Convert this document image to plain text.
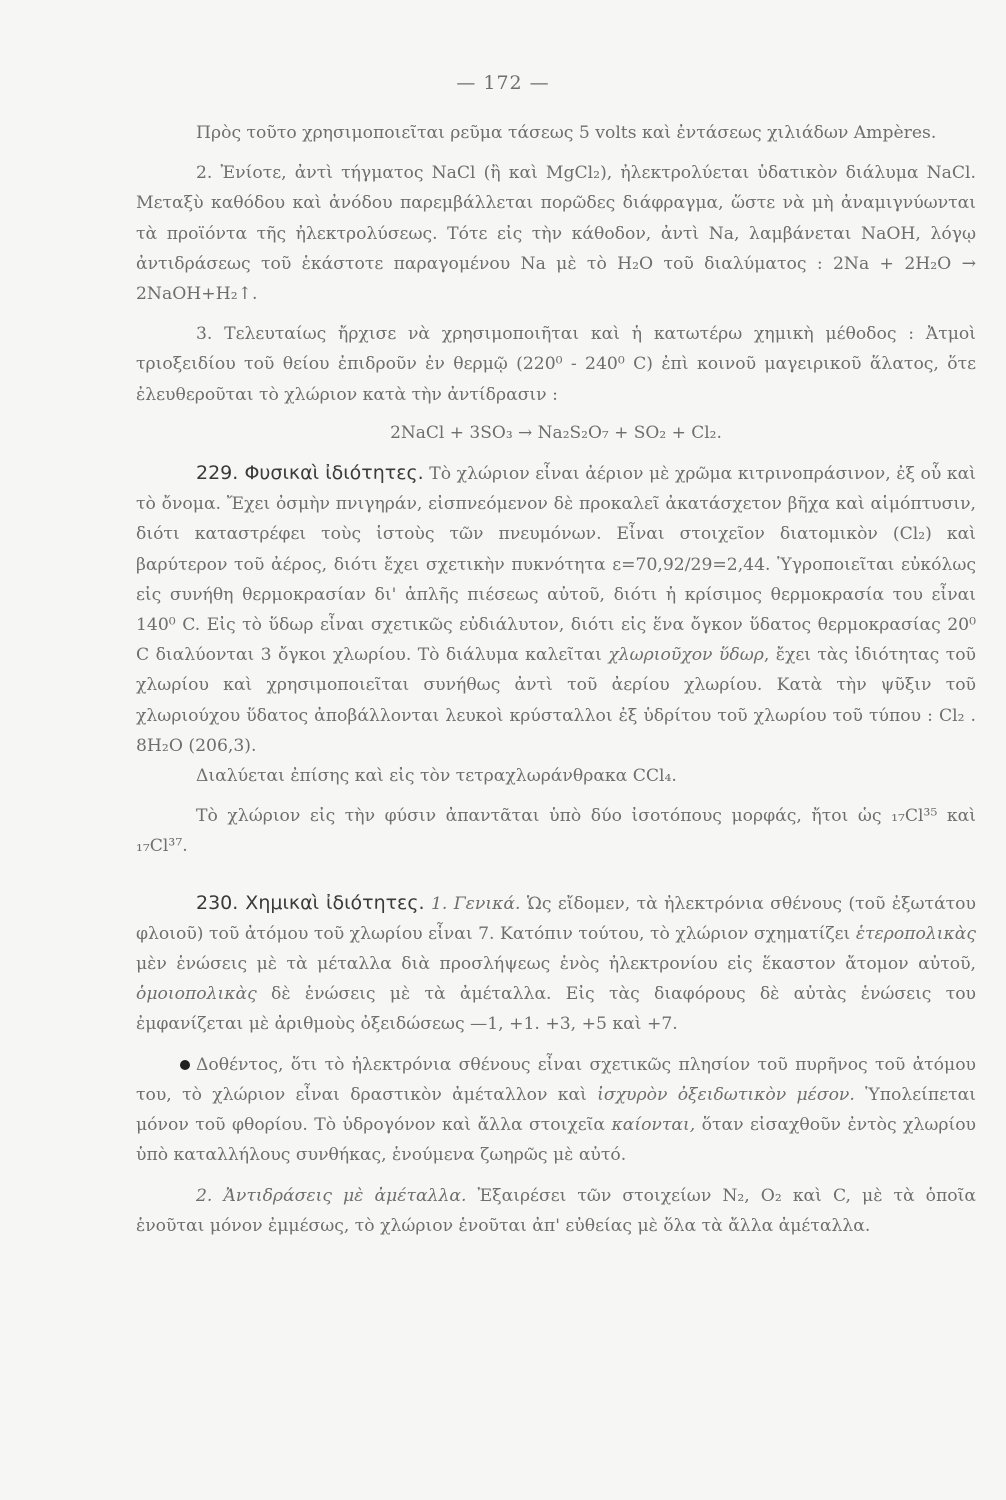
— 172 —

Πρὸς τοῦτο χρησιμοποιεῖται ρεῦμα τάσεως 5 volts καὶ ἐντάσεως χιλιάδων Ampères.

2. Ἐνίοτε, ἀντὶ τήγματος NaCl (ἢ καὶ MgCl₂), ἠλεκτρολύεται ὑδατικὸν διάλυμα NaCl. Μεταξὺ καθόδου καὶ ἀνόδου παρεμβάλλεται πορῶδες διάφραγμα, ὥστε νὰ μὴ ἀναμιγνύωνται τὰ προϊόντα τῆς ἠλεκτρολύσεως. Τότε εἰς τὴν κάθοδον, ἀντὶ Na, λαμβάνεται NaOH, λόγῳ ἀντιδράσεως τοῦ ἑκάστοτε παραγομένου Na μὲ τὸ H₂O τοῦ διαλύματος : 2Na + 2H₂O → 2NaOH+H₂↑.

3. Τελευταίως ἤρχισε νὰ χρησιμοποιῆται καὶ ἡ κατωτέρω χημικὴ μέθοδος : Ἀτμοὶ τριοξειδίου τοῦ θείου ἐπιδροῦν ἐν θερμῷ (220⁰ - 240⁰ C) ἐπὶ κοινοῦ μαγειρικοῦ ἅλατος, ὅτε ἐλευθεροῦται τὸ χλώριον κατὰ τὴν ἀντίδρασιν :

2NaCl + 3SO₃ → Na₂S₂O₇ + SO₂ + Cl₂.

229. Φυσικαὶ ἰδιότητες. Τὸ χλώριον εἶναι ἀέριον μὲ χρῶμα κιτρινοπράσινον, ἐξ οὗ καὶ τὸ ὄνομα. Ἔχει ὀσμὴν πνιγηράν, εἰσπνεόμενον δὲ προκαλεῖ ἀκατάσχετον βῆχα καὶ αἱμόπτυσιν, διότι καταστρέφει τοὺς ἱστοὺς τῶν πνευμόνων. Εἶναι στοιχεῖον διατομικὸν (Cl₂) καὶ βαρύτερον τοῦ ἀέρος, διότι ἔχει σχετικὴν πυκνότητα ε=70,92/29=2,44. Ὑγροποιεῖται εὐκόλως εἰς συνήθη θερμοκρασίαν δι' ἁπλῆς πιέσεως αὐτοῦ, διότι ἡ κρίσιμος θερμοκρασία του εἶναι 140⁰ C. Εἰς τὸ ὕδωρ εἶναι σχετικῶς εὐδιάλυτον, διότι εἰς ἕνα ὄγκον ὕδατος θερμοκρασίας 20⁰ C διαλύονται 3 ὄγκοι χλωρίου. Τὸ διάλυμα καλεῖται χλωριοῦχον ὕδωρ, ἔχει τὰς ἰδιότητας τοῦ χλωρίου καὶ χρησιμοποιεῖται συνήθως ἀντὶ τοῦ ἀερίου χλωρίου. Κατὰ τὴν ψῦξιν τοῦ χλωριούχου ὕδατος ἀποβάλλονται λευκοὶ κρύσταλλοι ἐξ ὑδρίτου τοῦ χλωρίου τοῦ τύπου : Cl₂ . 8H₂O (206,3).

Διαλύεται ἐπίσης καὶ εἰς τὸν τετραχλωράνθρακα CCl₄.

Τὸ χλώριον εἰς τὴν φύσιν ἀπαντᾶται ὑπὸ δύο ἰσοτόπους μορφάς, ἤτοι ὡς ₁₇Cl³⁵ καὶ ₁₇Cl³⁷.

230. Χημικαὶ ἰδιότητες. 1. Γενικά. Ὡς εἴδομεν, τὰ ἠλεκτρόνια σθένους (τοῦ ἐξωτάτου φλοιοῦ) τοῦ ἀτόμου τοῦ χλωρίου εἶναι 7. Κατόπιν τούτου, τὸ χλώριον σχηματίζει ἑτεροπολικὰς μὲν ἑνώσεις μὲ τὰ μέταλλα διὰ προσλήψεως ἑνὸς ἠλεκτρονίου εἰς ἕκαστον ἄτομον αὐτοῦ, ὁμοιοπολικὰς δὲ ἑνώσεις μὲ τὰ ἀμέταλλα. Εἰς τὰς διαφόρους δὲ αὐτὰς ἑνώσεις του ἐμφανίζεται μὲ ἀριθμοὺς ὀξειδώσεως —1, +1. +3, +5 καὶ +7.

Δοθέντος, ὅτι τὸ ἠλεκτρόνια σθένους εἶναι σχετικῶς πλησίον τοῦ πυρῆνος τοῦ ἀτόμου του, τὸ χλώριον εἶναι δραστικὸν ἀμέταλλον καὶ ἰσχυρὸν ὀξειδωτικὸν μέσον. Ὑπολείπεται μόνον τοῦ φθορίου. Τὸ ὑδρογόνον καὶ ἄλλα στοιχεῖα καίονται, ὅταν εἰσαχθοῦν ἐντὸς χλωρίου ὑπὸ καταλλήλους συνθήκας, ἑνούμενα ζωηρῶς μὲ αὐτό.

2. Ἀντιδράσεις μὲ ἀμέταλλα. Ἐξαιρέσει τῶν στοιχείων N₂, O₂ καὶ C, μὲ τὰ ὁποῖα ἑνοῦται μόνον ἐμμέσως, τὸ χλώριον ἑνοῦται ἀπ' εὐθείας μὲ ὅλα τὰ ἄλλα ἀμέταλλα.
